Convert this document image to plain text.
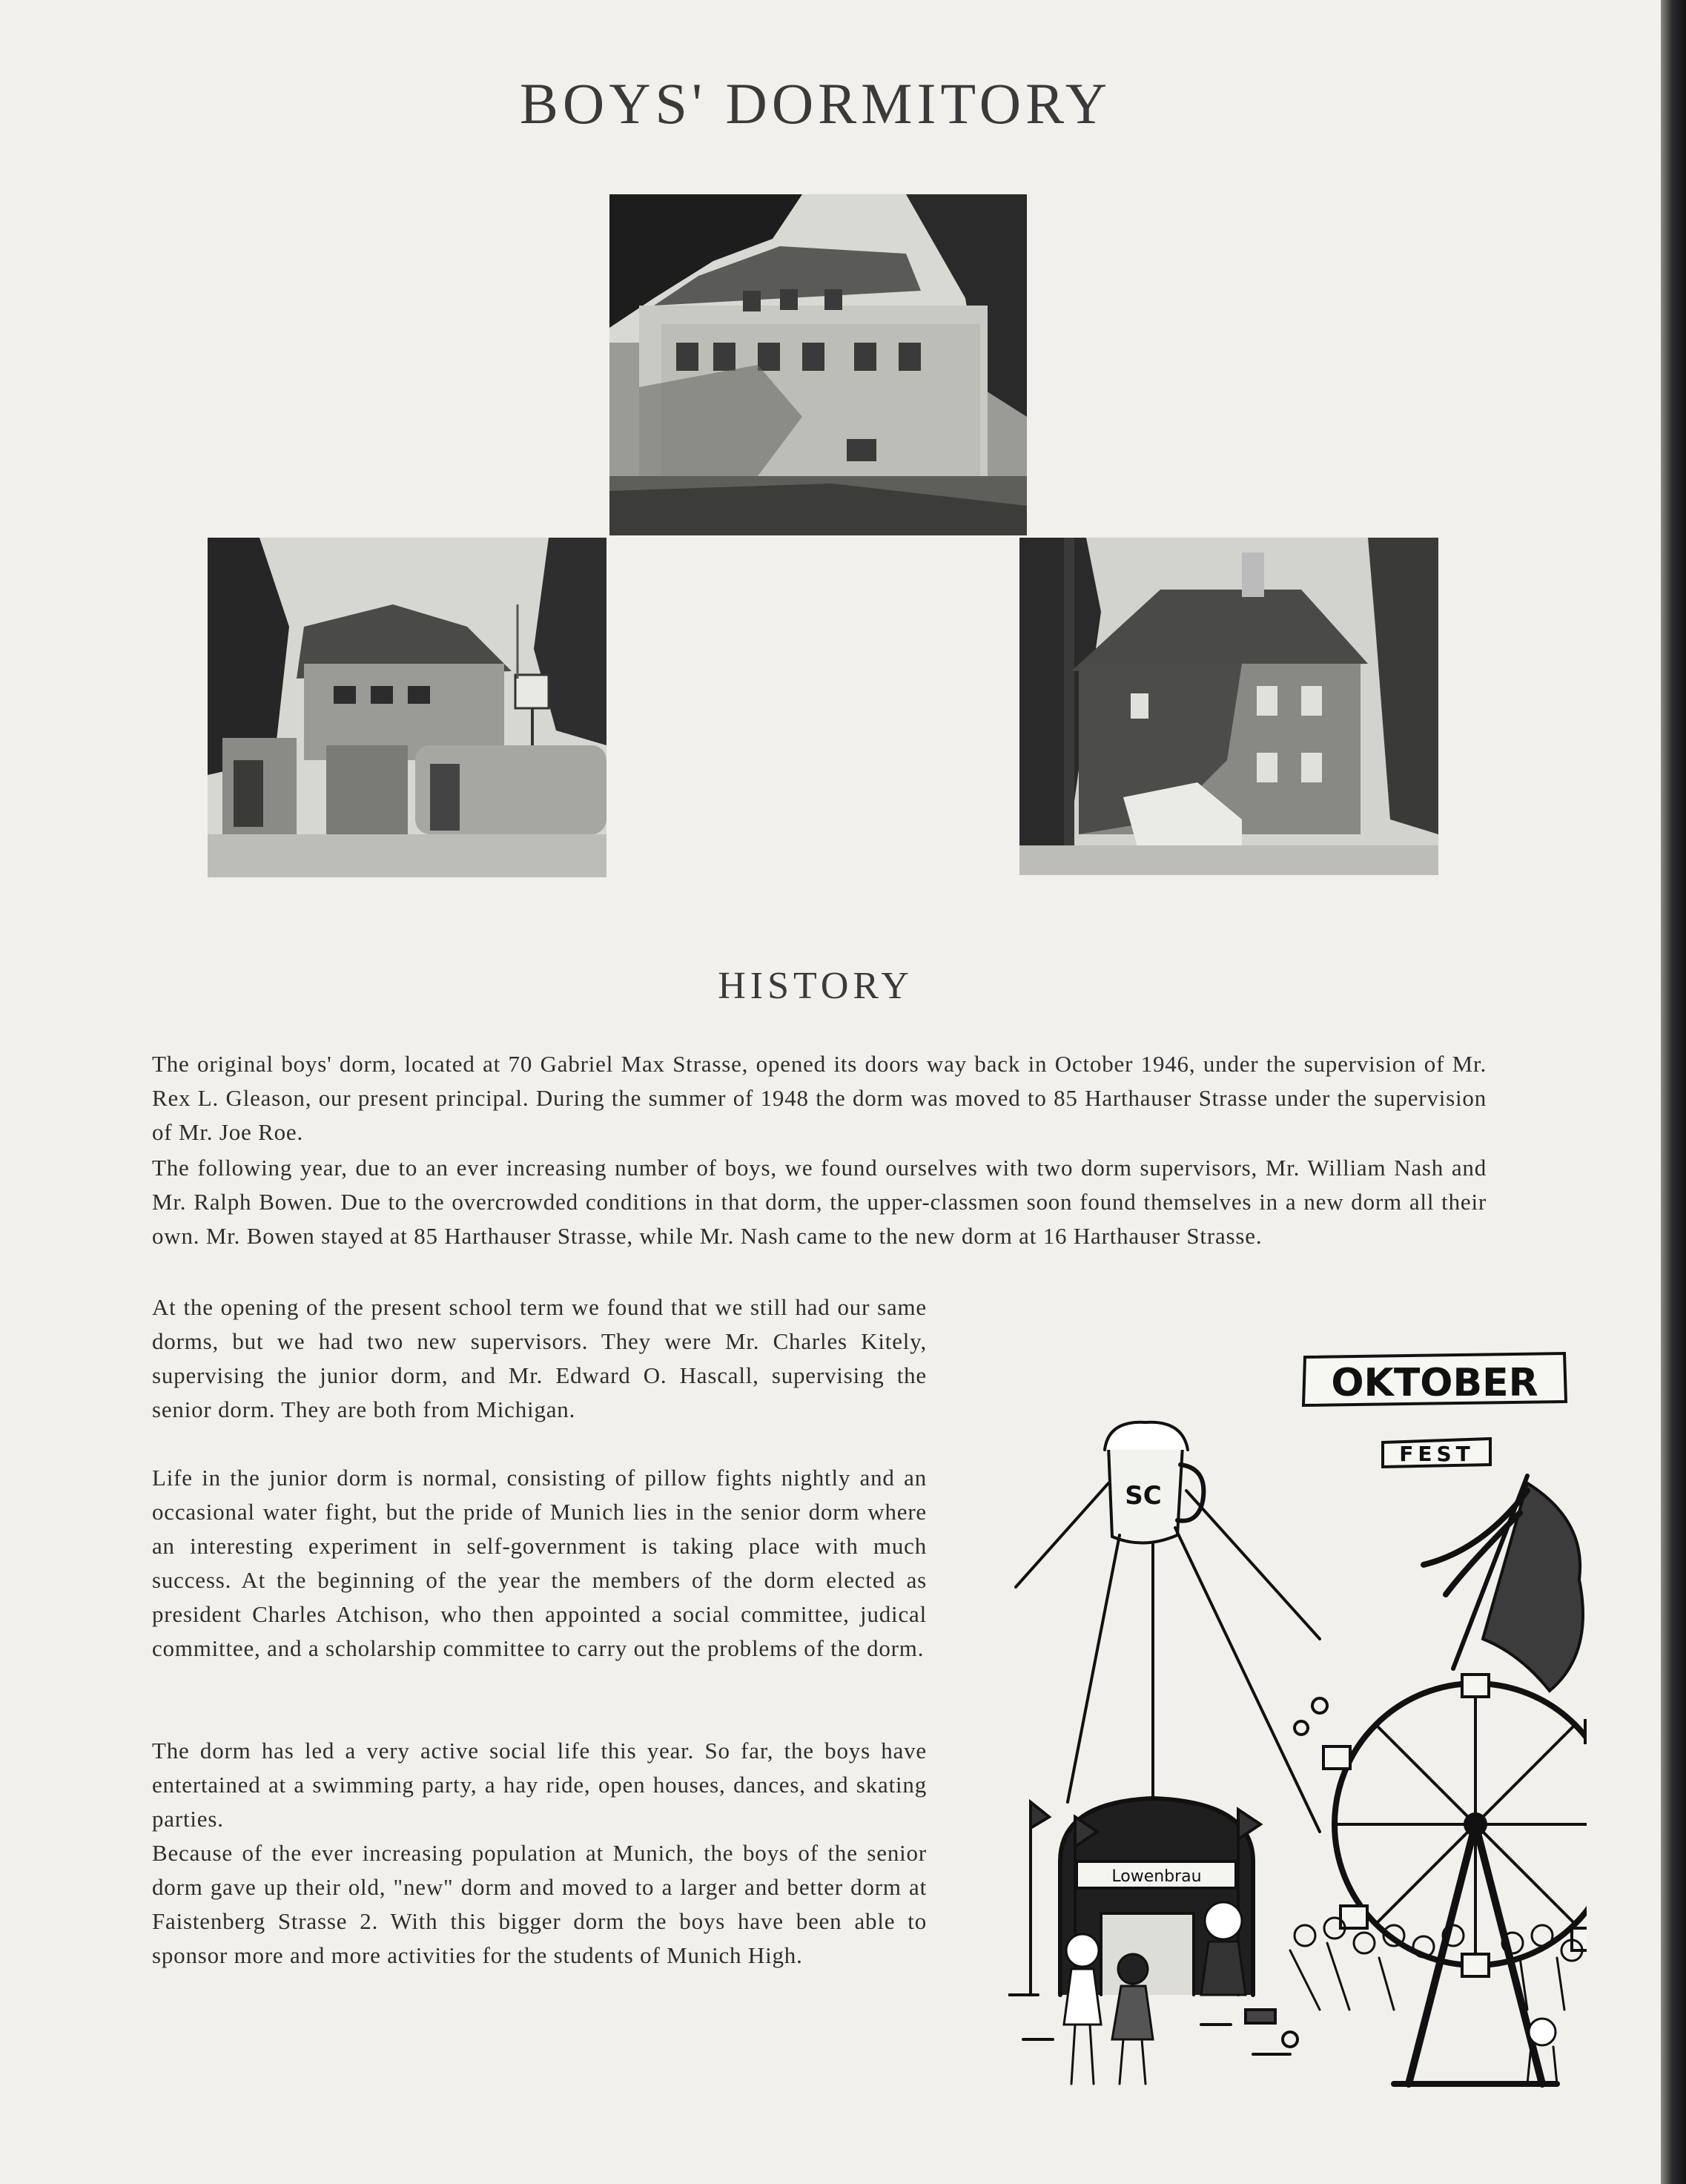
BOYS' DORMITORY
HISTORY

The original boys' dorm, located at 70 Gabriel Max Strasse, opened its doors way back in October 1946, under the supervision of Mr. Rex L. Gleason, our present principal. During the summer of 1948 the dorm was moved to 85 Harthauser Strasse under the supervision of Mr. Joe Roe.

The following year, due to an ever increasing number of boys, we found ourselves with two dorm supervisors, Mr. William Nash and Mr. Ralph Bowen. Due to the overcrowded conditions in that dorm, the upper-classmen soon found themselves in a new dorm all their own. Mr. Bowen stayed at 85 Harthauser Strasse, while Mr. Nash came to the new dorm at 16 Harthauser Strasse.

At the opening of the present school term we found that we still had our same dorms, but we had two new supervisors. They were Mr. Charles Kitely, supervising the junior dorm, and Mr. Edward O. Hascall, supervising the senior dorm. They are both from Michigan.

Life in the junior dorm is normal, consisting of pillow fights nightly and an occasional water fight, but the pride of Munich lies in the senior dorm where an interesting experiment in self-government is taking place with much success. At the beginning of the year the members of the dorm elected as president Charles Atchison, who then appointed a social committee, judical committee, and a scholarship committee to carry out the problems of the dorm.

The dorm has led a very active social life this year. So far, the boys have entertained at a swimming party, a hay ride, open houses, dances, and skating parties.

Because of the ever increasing population at Munich, the boys of the senior dorm gave up their old, "new" dorm and moved to a larger and better dorm at Faistenberg Strasse 2. With this bigger dorm the boys have been able to sponsor more and more activities for the students of Munich High.

OKTOBER
FEST
SC
Lowenbrau
